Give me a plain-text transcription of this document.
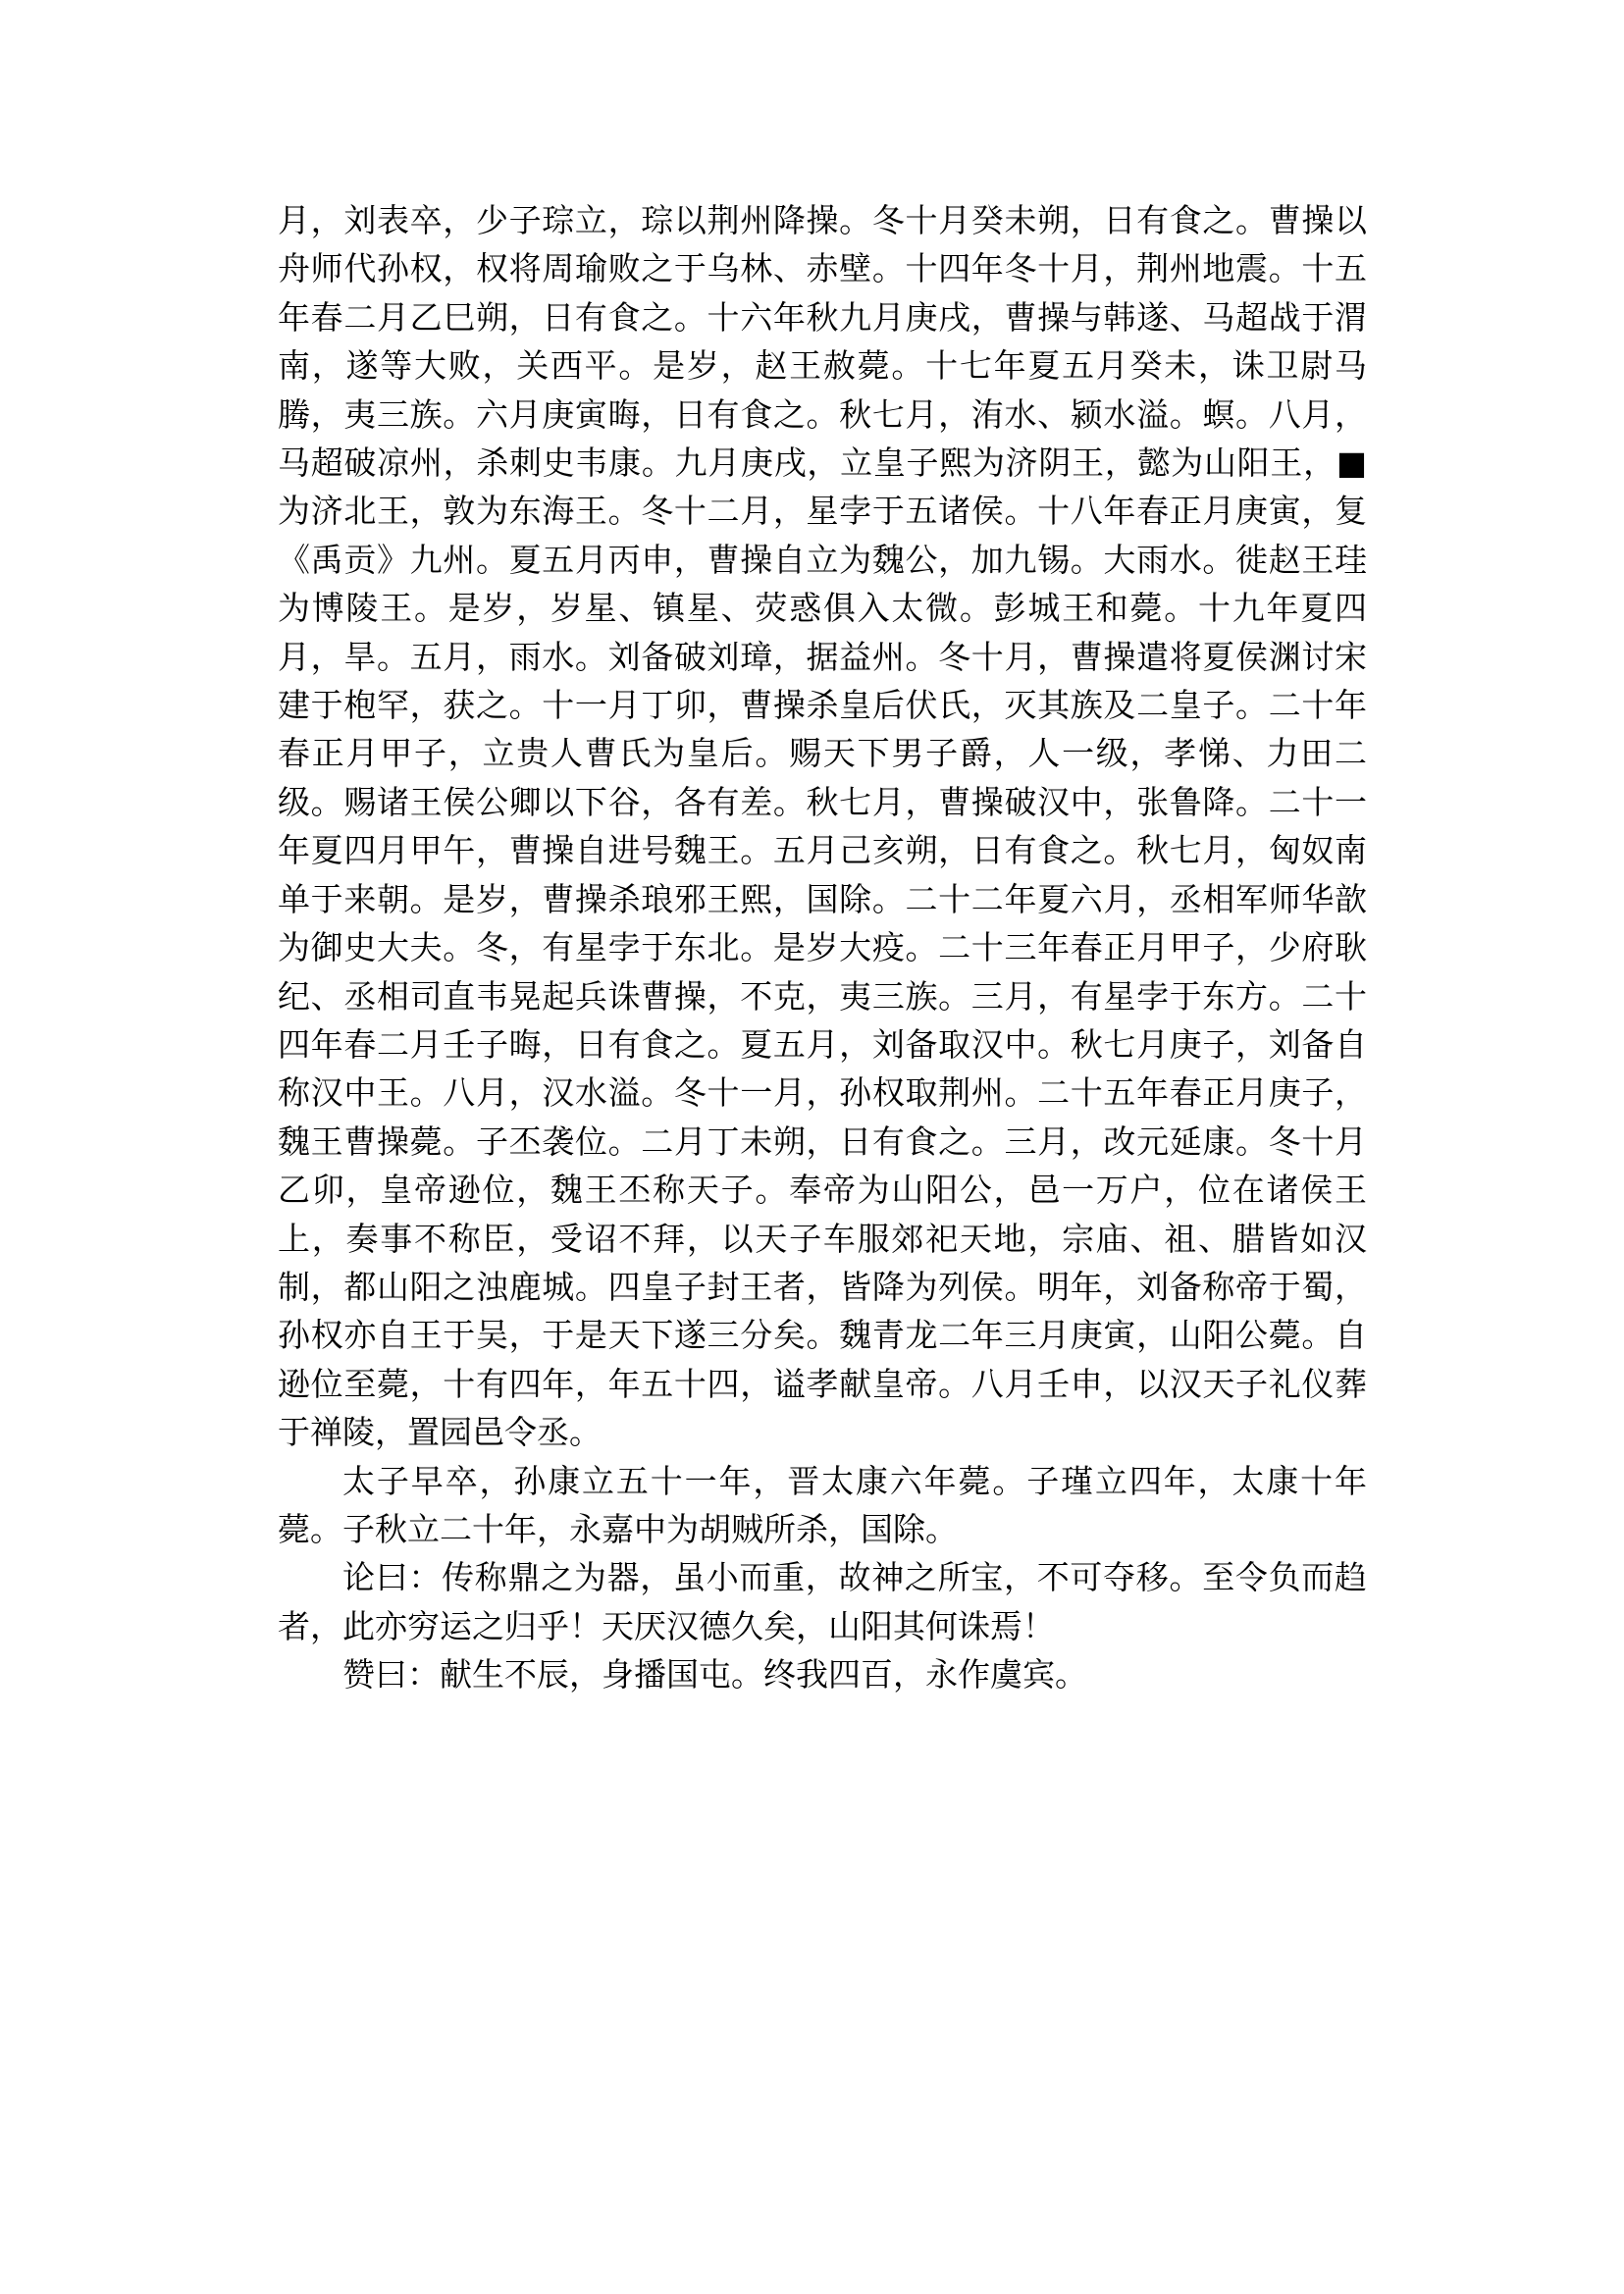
月，刘表卒，少子琮立，琮以荆州降操。冬十月癸未朔，日有食之。曹操以舟师代孙权，权将周瑜败之于乌林、赤壁。十四年冬十月，荆州地震。十五年春二月乙巳朔，日有食之。十六年秋九月庚戌，曹操与韩遂、马超战于渭南，遂等大败，关西平。是岁，赵王赦薨。十七年夏五月癸未，诛卫尉马腾，夷三族。六月庚寅晦，日有食之。秋七月，洧水、颍水溢。螟。八月，马超破凉州，杀刺史韦康。九月庚戌，立皇子熙为济阴王，懿为山阳王，■为济北王，敦为东海王。冬十二月，星孛于五诸侯。十八年春正月庚寅，复《禹贡》九州。夏五月丙申，曹操自立为魏公，加九锡。大雨水。徙赵王珪为博陵王。是岁，岁星、镇星、荧惑俱入太微。彭城王和薨。十九年夏四月，旱。五月，雨水。刘备破刘璋，据益州。冬十月，曹操遣将夏侯渊讨宋建于枹罕，获之。十一月丁卯，曹操杀皇后伏氏，灭其族及二皇子。二十年春正月甲子，立贵人曹氏为皇后。赐天下男子爵，人一级，孝悌、力田二级。赐诸王侯公卿以下谷，各有差。秋七月，曹操破汉中，张鲁降。二十一年夏四月甲午，曹操自进号魏王。五月己亥朔，日有食之。秋七月，匈奴南单于来朝。是岁，曹操杀琅邪王熙，国除。二十二年夏六月，丞相军师华歆为御史大夫。冬，有星孛于东北。是岁大疫。二十三年春正月甲子，少府耿纪、丞相司直韦晃起兵诛曹操，不克，夷三族。三月，有星孛于东方。二十四年春二月壬子晦，日有食之。夏五月，刘备取汉中。秋七月庚子，刘备自称汉中王。八月，汉水溢。冬十一月，孙权取荆州。二十五年春正月庚子，魏王曹操薨。子丕袭位。二月丁未朔，日有食之。三月，改元延康。冬十月乙卯，皇帝逊位，魏王丕称天子。奉帝为山阳公，邑一万户，位在诸侯王上，奏事不称臣，受诏不拜，以天子车服郊祀天地，宗庙、祖、腊皆如汉制，都山阳之浊鹿城。四皇子封王者，皆降为列侯。明年，刘备称帝于蜀，孙权亦自王于吴，于是天下遂三分矣。魏青龙二年三月庚寅，山阳公薨。自逊位至薨，十有四年，年五十四，谥孝献皇帝。八月壬申，以汉天子礼仪葬于禅陵，置园邑令丞。

太子早卒，孙康立五十一年，晋太康六年薨。子瑾立四年，太康十年薨。子秋立二十年，永嘉中为胡贼所杀，国除。

论曰：传称鼎之为器，虽小而重，故神之所宝，不可夺移。至令负而趋者，此亦穷运之归乎！天厌汉德久矣，山阳其何诛焉！

赞曰：献生不辰，身播国屯。终我四百，永作虞宾。
